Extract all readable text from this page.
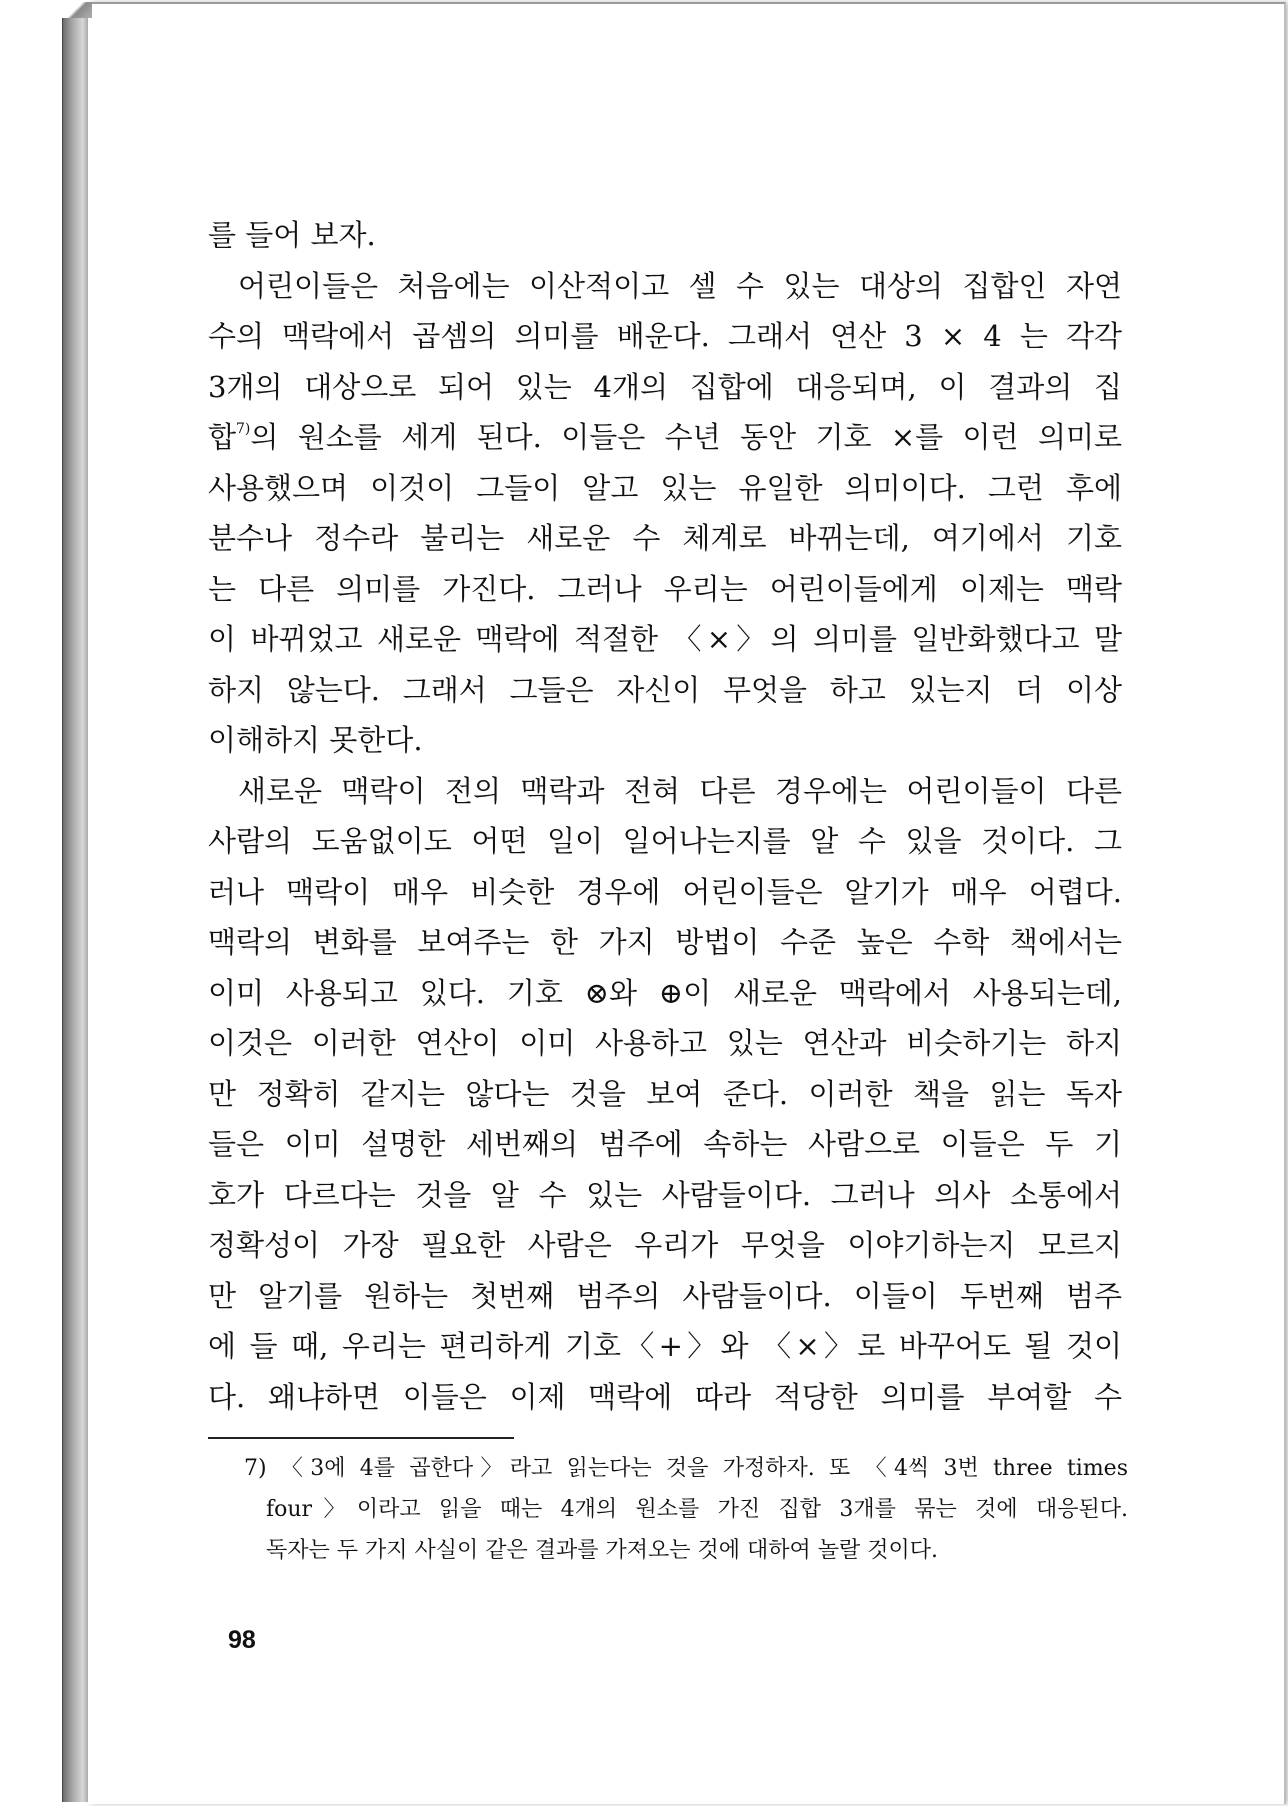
를 들어 보자.
어린이들은 처음에는 이산적이고 셀 수 있는 대상의 집합인 자연
수의 맥락에서 곱셈의 의미를 배운다. 그래서 연산 3 × 4 는 각각
3개의 대상으로 되어 있는 4개의 집합에 대응되며, 이 결과의 집
합$^{7)}$의 원소를 세게 된다. 이들은 수년 동안 기호 ×를 이런 의미로
사용했으며 이것이 그들이 알고 있는 유일한 의미이다. 그런 후에
분수나 정수라 불리는 새로운 수 체계로 바뀌는데, 여기에서 기호
는 다른 의미를 가진다. 그러나 우리는 어린이들에게 이제는 맥락
이 바뀌었고 새로운 맥락에 적절한 〈×〉의 의미를 일반화했다고 말
하지 않는다. 그래서 그들은 자신이 무엇을 하고 있는지 더 이상
이해하지 못한다.
새로운 맥락이 전의 맥락과 전혀 다른 경우에는 어린이들이 다른
사람의 도움없이도 어떤 일이 일어나는지를 알 수 있을 것이다. 그
러나 맥락이 매우 비슷한 경우에 어린이들은 알기가 매우 어렵다.
맥락의 변화를 보여주는 한 가지 방법이 수준 높은 수학 책에서는
이미 사용되고 있다. 기호 ⊗와 ⊕이 새로운 맥락에서 사용되는데,
이것은 이러한 연산이 이미 사용하고 있는 연산과 비슷하기는 하지
만 정확히 같지는 않다는 것을 보여 준다. 이러한 책을 읽는 독자
들은 이미 설명한 세번째의 범주에 속하는 사람으로 이들은 두 기
호가 다르다는 것을 알 수 있는 사람들이다. 그러나 의사 소통에서
정확성이 가장 필요한 사람은 우리가 무엇을 이야기하는지 모르지
만 알기를 원하는 첫번째 범주의 사람들이다. 이들이 두번째 범주
에 들 때, 우리는 편리하게 기호〈+〉와 〈×〉로 바꾸어도 될 것이
다. 왜냐하면 이들은 이제 맥락에 따라 적당한 의미를 부여할 수
7) 〈3에 4를 곱한다〉라고 읽는다는 것을 가정하자. 또 〈4씩 3번 three times
four〉이라고 읽을 때는 4개의 원소를 가진 집합 3개를 묶는 것에 대응된다.
독자는 두 가지 사실이 같은 결과를 가져오는 것에 대하여 놀랄 것이다.
98
